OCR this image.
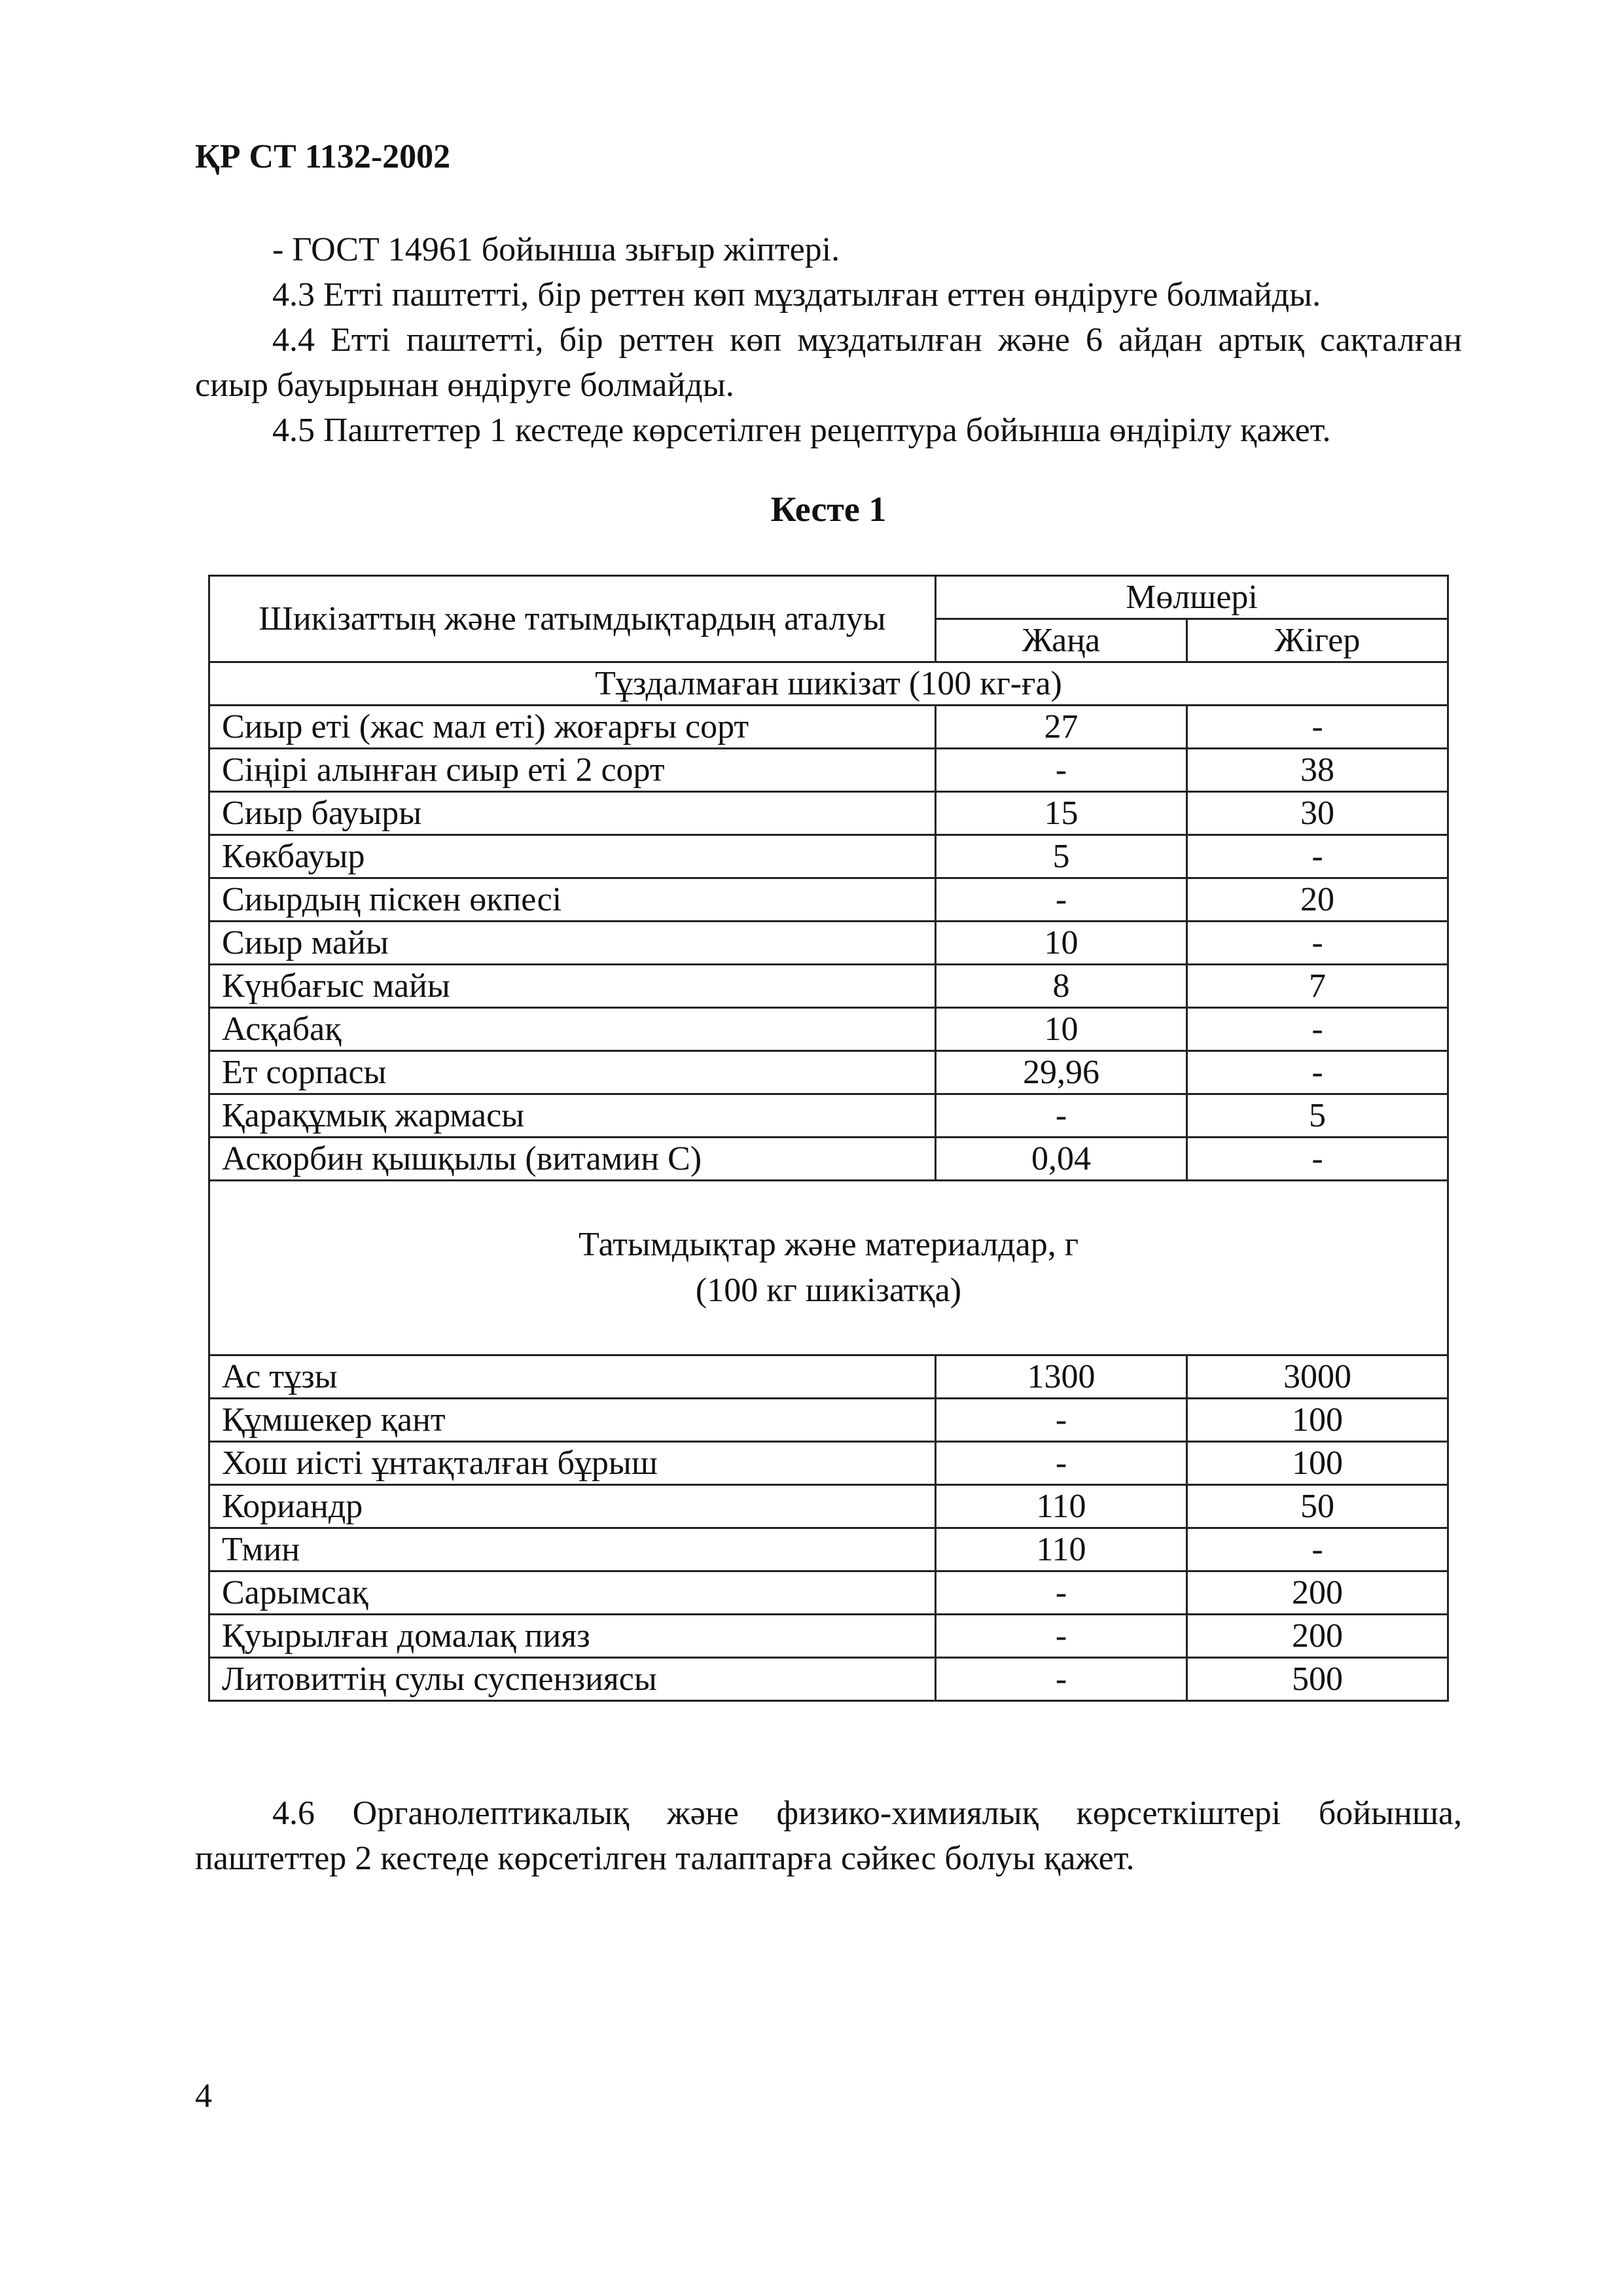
ҚР СТ 1132-2002

- ГОСТ 14961 бойынша зығыр жіптері.

4.3 Етті паштетті, бір реттен көп мұздатылған еттен өндіруге болмайды.

4.4 Етті паштетті, бір реттен көп мұздатылған және 6 айдан артық сақталған сиыр бауырынан өндіруге болмайды.

4.5 Паштеттер 1 кестеде көрсетілген рецептура бойынша өндірілу қажет.

Кесте 1
Шикізаттың және татымдықтардың аталуы	Мөлшері	
	Жаңа	Жігер
Тұздалмаған шикізат (100 кг-ға)		
Сиыр еті (жас мал еті) жоғарғы сорт	27	-
Сіңірі алынған сиыр еті 2 сорт	-	38
Сиыр бауыры	15	30
Көкбауыр	5	-
Сиырдың піскен өкпесі	-	20
Сиыр майы	10	-
Күнбағыс майы	8	7
Асқабақ	10	-
Ет сорпасы	29,96	-
Қарақұмық жармасы	-	5
Аскорбин қышқылы (витамин С)	0,04	-

Татымдықтар және материалдар, г
(100 кг шикізатқа)		

Ас тұзы	1300	3000
Құмшекер қант	-	100
Хош иісті ұнтақталған бұрыш	-	100
Кориандр	110	50
Тмин	110	-
Сарымсақ	-	200
Қуырылған домалақ пияз	-	200
Литовиттің сулы суспензиясы	-	500

4.6 Органолептикалық және физико-химиялық көрсеткіштері бойынша, паштеттер 2 кестеде көрсетілген талаптарға сәйкес болуы қажет.

4
